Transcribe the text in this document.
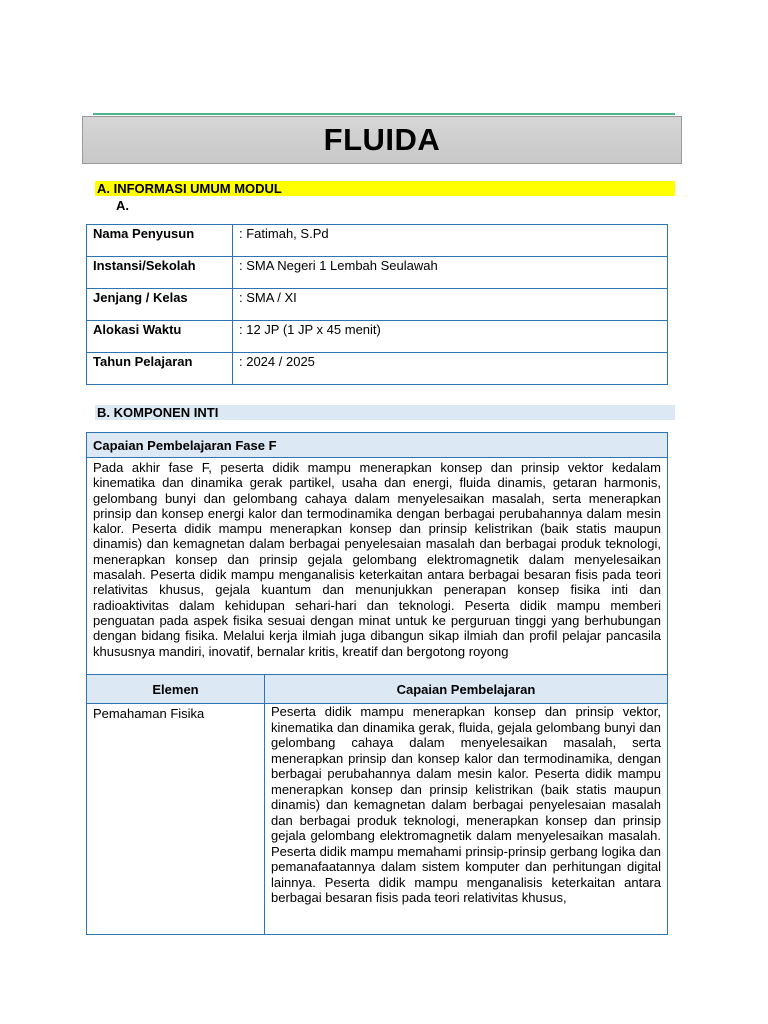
FLUIDA
A. INFORMASI UMUM MODUL
A.
Nama Penyusun	: Fatimah, S.Pd
Instansi/Sekolah	: SMA Negeri 1 Lembah Seulawah
Jenjang / Kelas	: SMA / XI
Alokasi Waktu	: 12 JP (1 JP x 45 menit)
Tahun Pelajaran	: 2024 / 2025
B. KOMPONEN INTI
Capaian Pembelajaran Fase F
Pada akhir fase F, peserta didik mampu menerapkan konsep dan prinsip vektor kedalam kinematika dan dinamika gerak partikel, usaha dan energi, fluida dinamis, getaran harmonis, gelombang bunyi dan gelombang cahaya dalam menyelesaikan masalah, serta menerapkan prinsip dan konsep energi kalor dan termodinamika dengan berbagai perubahannya dalam mesin kalor. Peserta didik mampu menerapkan konsep dan prinsip kelistrikan (baik statis maupun dinamis) dan kemagnetan dalam berbagai penyelesaian masalah dan berbagai produk teknologi, menerapkan konsep dan prinsip gejala gelombang elektromagnetik dalam menyelesaikan masalah. Peserta didik mampu menganalisis keterkaitan antara berbagai besaran fisis pada teori relativitas khusus, gejala kuantum dan menunjukkan penerapan konsep fisika inti dan radioaktivitas dalam kehidupan sehari-hari dan teknologi. Peserta didik mampu memberi penguatan pada aspek fisika sesuai dengan minat untuk ke perguruan tinggi yang berhubungan dengan bidang fisika. Melalui kerja ilmiah juga dibangun sikap ilmiah dan profil pelajar pancasila khususnya mandiri, inovatif, bernalar kritis, kreatif dan bergotong royong
Elemen	Capaian Pembelajaran
Pemahaman Fisika	Peserta didik mampu menerapkan konsep dan prinsip vektor, kinematika dan dinamika gerak, fluida, gejala gelombang bunyi dan gelombang cahaya dalam menyelesaikan masalah, serta menerapkan prinsip dan konsep kalor dan termodinamika, dengan berbagai perubahannya dalam mesin kalor. Peserta didik mampu menerapkan konsep dan prinsip kelistrikan (baik statis maupun dinamis) dan kemagnetan dalam berbagai penyelesaian masalah dan berbagai produk teknologi, menerapkan konsep dan prinsip gejala gelombang elektromagnetik dalam menyelesaikan masalah. Peserta didik mampu memahami prinsip-prinsip gerbang logika dan pemanafaatannya dalam sistem komputer dan perhitungan digital lainnya. Peserta didik mampu menganalisis keterkaitan antara berbagai besaran fisis pada teori relativitas khusus,
